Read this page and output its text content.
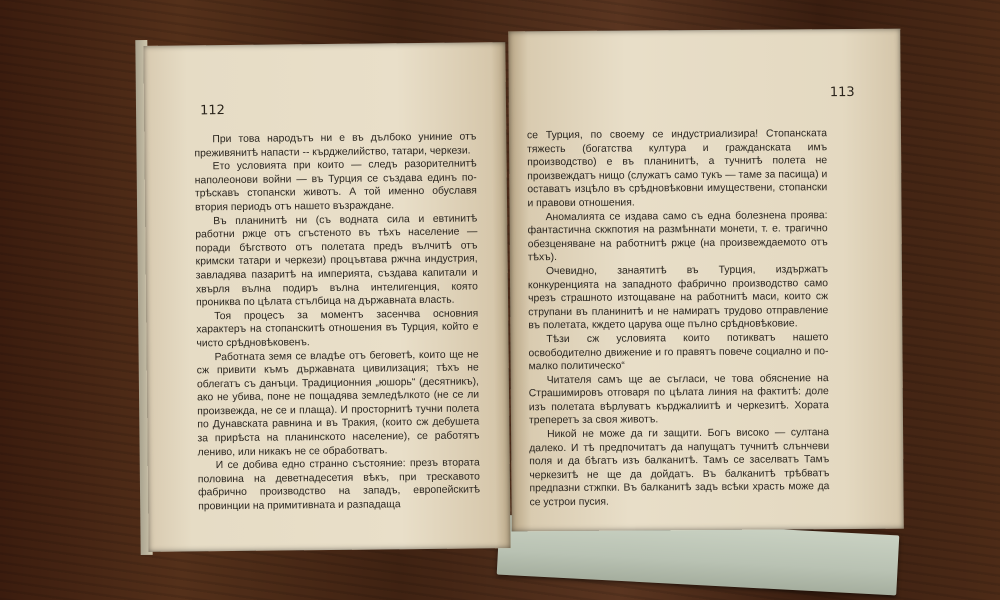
112

При това народътъ ни е въ дълбоко униние отъ преживянитѣ напасти -- кърджелийство, татари, черкези.

Ето условията при които — следъ разорителнитѣ наполеонови войни — въ Турция се създава единъ по-трѣскавъ стопански животъ. А той именно обуславя втория периодъ отъ нашето възраждане.

Въ планинитѣ ни (съ водната сила и евтинитѣ работни ржце отъ сгъстеното въ тѣхъ население — поради бѣгството отъ полетата предъ вълчитѣ отъ кримски татари и черкези) процъвтава ржчна индустрия, завладява пазаритѣ на империята, създава капитали и хвърля вълна подиръ вълна интелигенция, която прониква по цѣлата стълбица на държавната власть.

Тоя процесъ за моментъ засенчва основния характеръ на стопанскитѣ отношения въ Турция, който е чисто срѣдновѣковенъ.

Работната земя се владѣе отъ беговетѣ, които ще не сж привити къмъ държавната цивилизация; тѣхъ не облегатъ съ данъци. Традиционния „юшорь“ (десятникъ), ако не убива, поне не пощадява земледѣлкото (не се ли произвежда, не се и плаща). И просторнитѣ тучни полета по Дунавската равнина и въ Тракия, (които сж дебушета за прирѣста на планинското население), се работятъ лениво, или никакъ не се обработватъ.

И се добива едно странно състояние: презъ втората половина на деветнадесетия вѣкъ, при трескавото фабрично производство на западъ, европейскитѣ провинции на примитивната и разпадаща

113

се Турция, по своему се индустриализира! Стопанската тяжесть (богатства култура и гражданската имъ производство) е въ планинитѣ, а тучнитѣ полета не произвеждатъ нищо (служатъ само тукъ — таме за пасища) и оставатъ изцѣло въ срѣдновѣковни имуществени, стопански и правови отношения.

Аномалията се издава само съ една болезнена проява: фантастична скжпотия на размѣннати монети, т. е. трагично обезценяване на работнитѣ ржце (на произвеждаемото отъ тѣхъ).

Очевидно, занаятитѣ въ Турция, издържатъ конкуренцията на западното фабрично производство само чрезъ страшното изтощаване на работнитѣ маси, които сж струпани въ планинитѣ и не намиратъ трудово отправление въ полетата, кждето царува още пълно срѣдновѣковие.

Тѣзи сж условията които потикватъ нашето освободително движение и го правятъ повече социално и по-малко политическо“

Читателя самъ ще ае съгласи, че това обяснение на Страшимировъ отговаря по цѣлата линия на фактитѣ: доле изъ полетата вѣрлуватъ кърджалиитѣ и черкезитѣ. Хората треперетъ за своя животъ.

Никой не може да ги защити. Богъ високо — султана далеко. И тѣ предпочитатъ да напущатъ тучнитѣ слънчеви поля и да бѣгатъ изъ балканитѣ. Тамъ се заселватъ Тамъ черкезитѣ не ще да дойдатъ. Въ балканитѣ трѣбватъ предпазни стжпки. Въ балканитѣ задъ всѣки храсть може да се устрои пусия.
